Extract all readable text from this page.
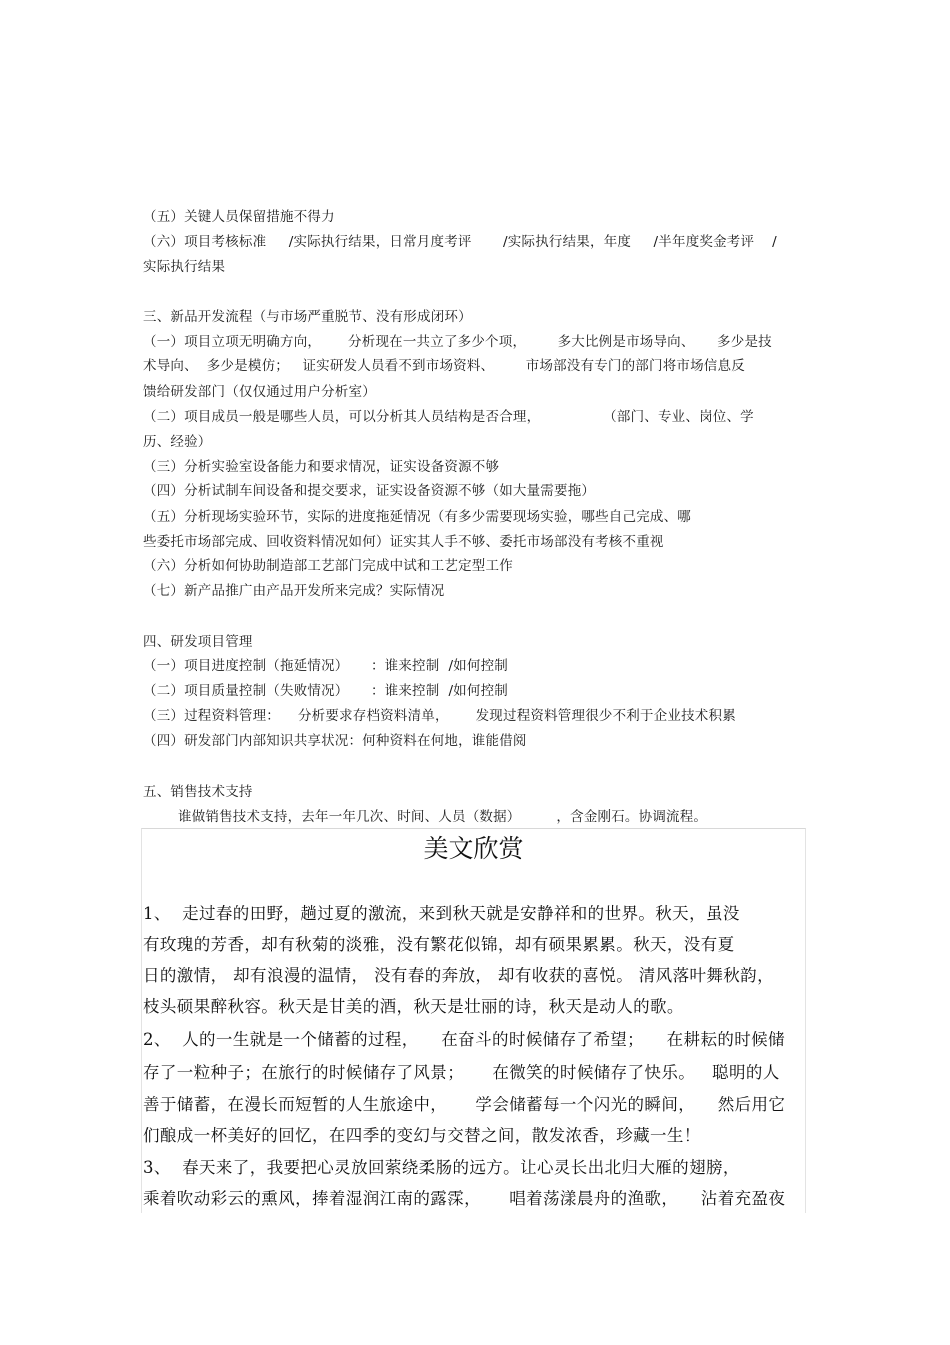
（五）关键人员保留措施不得力
（六）项目考核标准     /实际执行结果，日常月度考评       /实际执行结果，年度     /半年度奖金考评    /
实际执行结果
三、新品开发流程（与市场严重脱节、没有形成闭环）
（一）项目立项无明确方向，      分析现在一共立了多少个项，       多大比例是市场导向、     多少是技
术导向、  多少是模仿；   证实研发人员看不到市场资料、       市场部没有专门的部门将市场信息反
馈给研发部门（仅仅通过用户分析室）
（二）项目成员一般是哪些人员，可以分析其人员结构是否合理，              （部门、专业、岗位、学
历、经验）
（三）分析实验室设备能力和要求情况，证实设备资源不够
（四）分析试制车间设备和提交要求，证实设备资源不够（如大量需要拖）
（五）分析现场实验环节，实际的进度拖延情况（有多少需要现场实验，哪些自己完成、哪
些委托市场部完成、回收资料情况如何）证实其人手不够、委托市场部没有考核不重视
（六）分析如何协助制造部工艺部门完成中试和工艺定型工作
（七）新产品推广由产品开发所来完成？实际情况
四、研发项目管理
（一）项目进度控制（拖延情况）     ：谁来控制  /如何控制
（二）项目质量控制（失败情况）     ：谁来控制  /如何控制
（三）过程资料管理：    分析要求存档资料清单，      发现过程资料管理很少不利于企业技术积累
（四）研发部门内部知识共享状况：何种资料在何地，谁能借阅
五、销售技术支持
谁做销售技术支持，去年一年几次、时间、人员（数据）        ，含金刚石。协调流程。
美文欣赏
1、  走过春的田野，趟过夏的激流，来到秋天就是安静祥和的世界。秋天，虽没
有玫瑰的芳香，却有秋菊的淡雅，没有繁花似锦，却有硕果累累。秋天，没有夏
日的激情， 却有浪漫的温情， 没有春的奔放， 却有收获的喜悦。 清风落叶舞秋韵，
枝头硕果醉秋容。秋天是甘美的酒，秋天是壮丽的诗，秋天是动人的歌。
2、  人的一生就是一个储蓄的过程，    在奋斗的时候储存了希望；    在耕耘的时候储
存了一粒种子；在旅行的时候储存了风景；     在微笑的时候储存了快乐。   聪明的人
善于储蓄，在漫长而短暂的人生旅途中，     学会储蓄每一个闪光的瞬间，    然后用它
们酿成一杯美好的回忆，在四季的变幻与交替之间，散发浓香，珍藏一生！
3、  春天来了，我要把心灵放回萦绕柔肠的远方。让心灵长出北归大雁的翅膀，
乘着吹动彩云的熏风，捧着湿润江南的露霂，     唱着荡漾晨舟的渔歌，    沾着充盈夜
